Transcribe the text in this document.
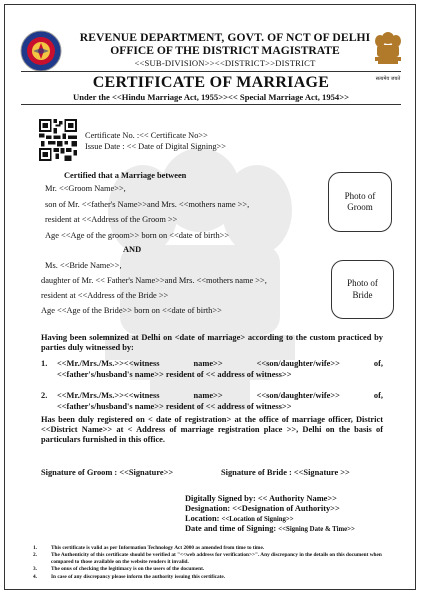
REVENUE DEPARTMENT, GOVT. OF NCT OF DELHI
OFFICE OF THE DISTRICT MAGISTRATE
<<SUB-DIVISION>><<DISTRICT>>DISTRICT
सत्यमेव जयते
CERTIFICATE OF MARRIAGE
Under the <<Hindu Marriage Act, 1955>><< Special Marriage Act, 1954>>
Certificate No. :<< Certificate No>>
Issue Date : << Date of Digital Signing>>
Certified that a Marriage between
Mr. <<Groom Name>>,
son of Mr. <<father's Name>>and Mrs. <<mothers name >>,
resident at <<Address of the Groom >>
Age <<Age of the groom>> born on <<date of birth>>
AND
Ms. <<Bride Name>>,
daughter of Mr. << Father's Name>>and Mrs. <<mothers name >>,
resident at <<Address of the Bride >>
Age <<Age of the Bride>> born on <<date of birth>>
Photo of
Groom
Photo of
Bride
Having been solemnized at Delhi on <date of marriage> according to the custom practiced by parties duly witnessed by:
1.	<<Mr./Mrs./Ms.>><<witness	name>>	<<son/daughter/wife>>	of,
<<father's/husband's name>> resident of << address of witness>>
2.	<<Mr./Mrs./Ms.>><<witness	name>>	<<son/daughter/wife>>	of,
<<father's/husband's name>> resident of << address of witness>>
Has been duly registered on < date of registration> at the office of marriage officer, District <<District Name>> at < Address of marriage registration place >>, Delhi on the basis of particulars furnished in this office.
Signature of Groom : <<Signature>>	Signature of Bride : <<Signature >>
Digitally Signed by: << Authority Name>>
Designation: <<Designation of Authority>>
Location: <<Location of Signing>>
Date and time of Signing: <<Signing Date & Time>>
1.	This certificate is valid as per Information Technology Act 2000 as amended from time to time.
2.	The Authenticity of this certificate should be verified at "<<web address for verification>>". Any discrepancy in the details on this document when compared to those available on the website renders it invalid.
3.	The onus of checking the legitimacy is on the users of the document.
4.	In case of any discrepancy please inform the authority issuing this certificate.
